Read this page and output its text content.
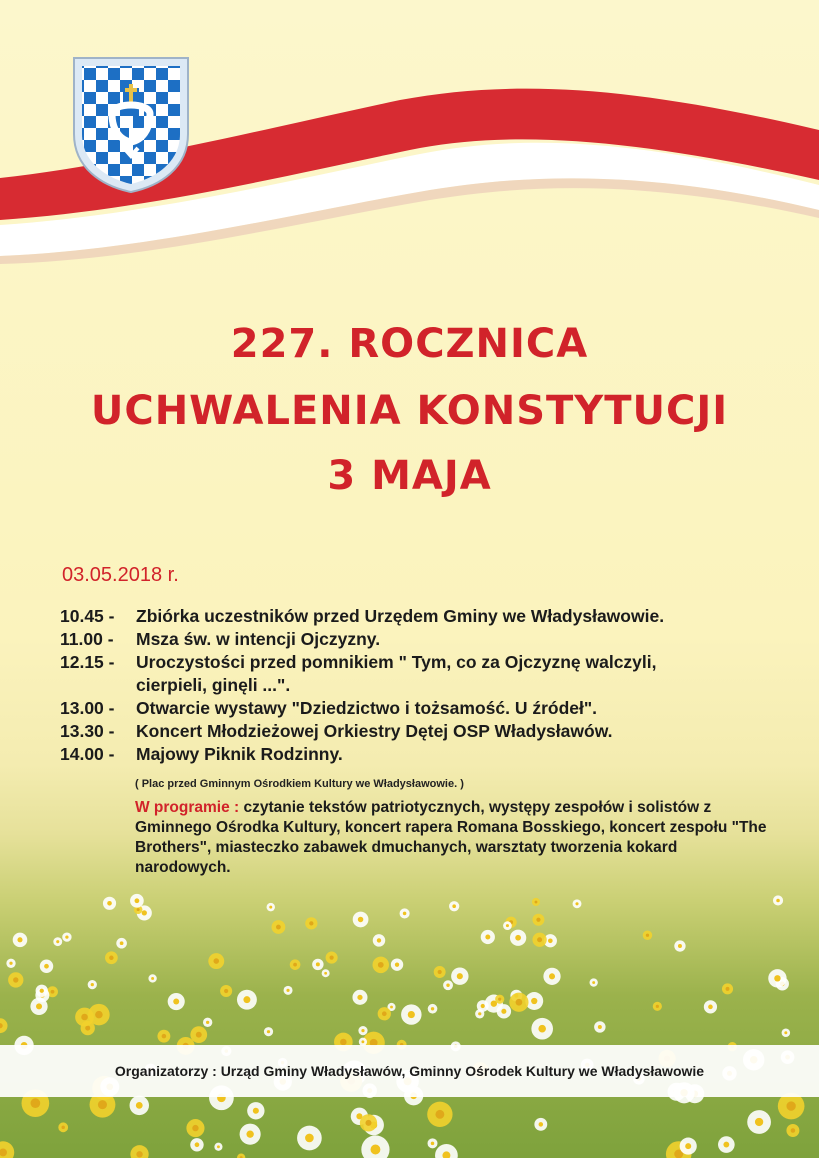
227. ROCZNICA
UCHWALENIA KONSTYTUCJI
3 MAJA
03.05.2018 r.
10.45 -	Zbiórka uczestników przed Urzędem Gminy we Władysławowie.
11.00 -	Msza św. w intencji Ojczyzny.
12.15 -	Uroczystości przed pomnikiem " Tym, co za Ojczyznę walczyli,
cierpieli, ginęli ...".
13.00 -	Otwarcie wystawy "Dziedzictwo i tożsamość. U źródeł".
13.30 -	Koncert Młodzieżowej Orkiestry Dętej OSP Władysławów.
14.00 -	Majowy Piknik Rodzinny.
( Plac przed Gminnym Ośrodkiem Kultury we Władysławowie. )
W programie : czytanie tekstów patriotycznych, występy zespołów i solistów z Gminnego Ośrodka Kultury, koncert rapera Romana Bosskiego, koncert zespołu "The Brothers", miasteczko zabawek dmuchanych, warsztaty tworzenia kokard narodowych.
Organizatorzy : Urząd Gminy Władysławów, Gminny Ośrodek Kultury we Władysławowie
